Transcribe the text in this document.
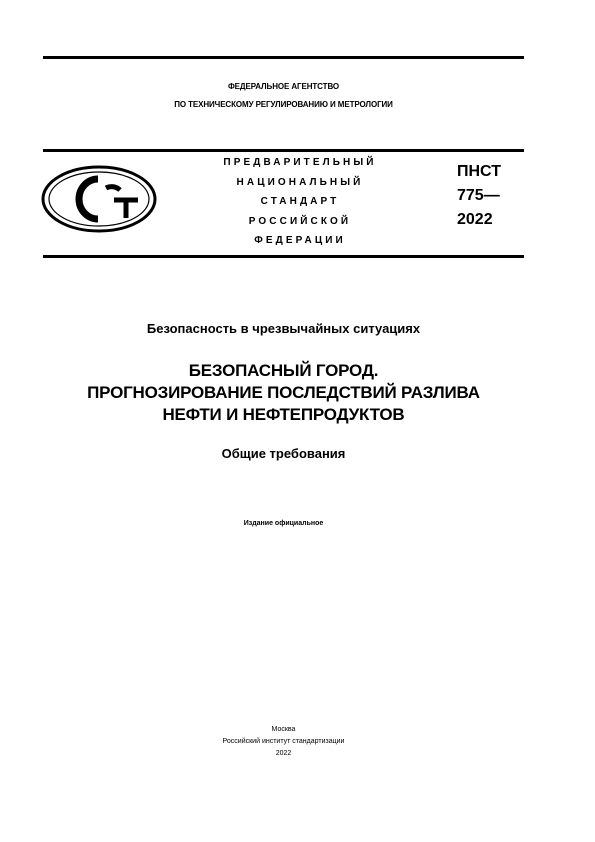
ФЕДЕРАЛЬНОЕ АГЕНТСТВО
ПО ТЕХНИЧЕСКОМУ РЕГУЛИРОВАНИЮ И МЕТРОЛОГИИ
ПРЕДВАРИТЕЛЬНЫЙ
НАЦИОНАЛЬНЫЙ
СТАНДАРТ
РОССИЙСКОЙ
ФЕДЕРАЦИИ
ПНСТ
775—
2022
Безопасность в чрезвычайных ситуациях
БЕЗОПАСНЫЙ ГОРОД.
ПРОГНОЗИРОВАНИЕ ПОСЛЕДСТВИЙ РАЗЛИВА
НЕФТИ И НЕФТЕПРОДУКТОВ
Общие требования
Издание официальное
Москва
Российский институт стандартизации
2022
